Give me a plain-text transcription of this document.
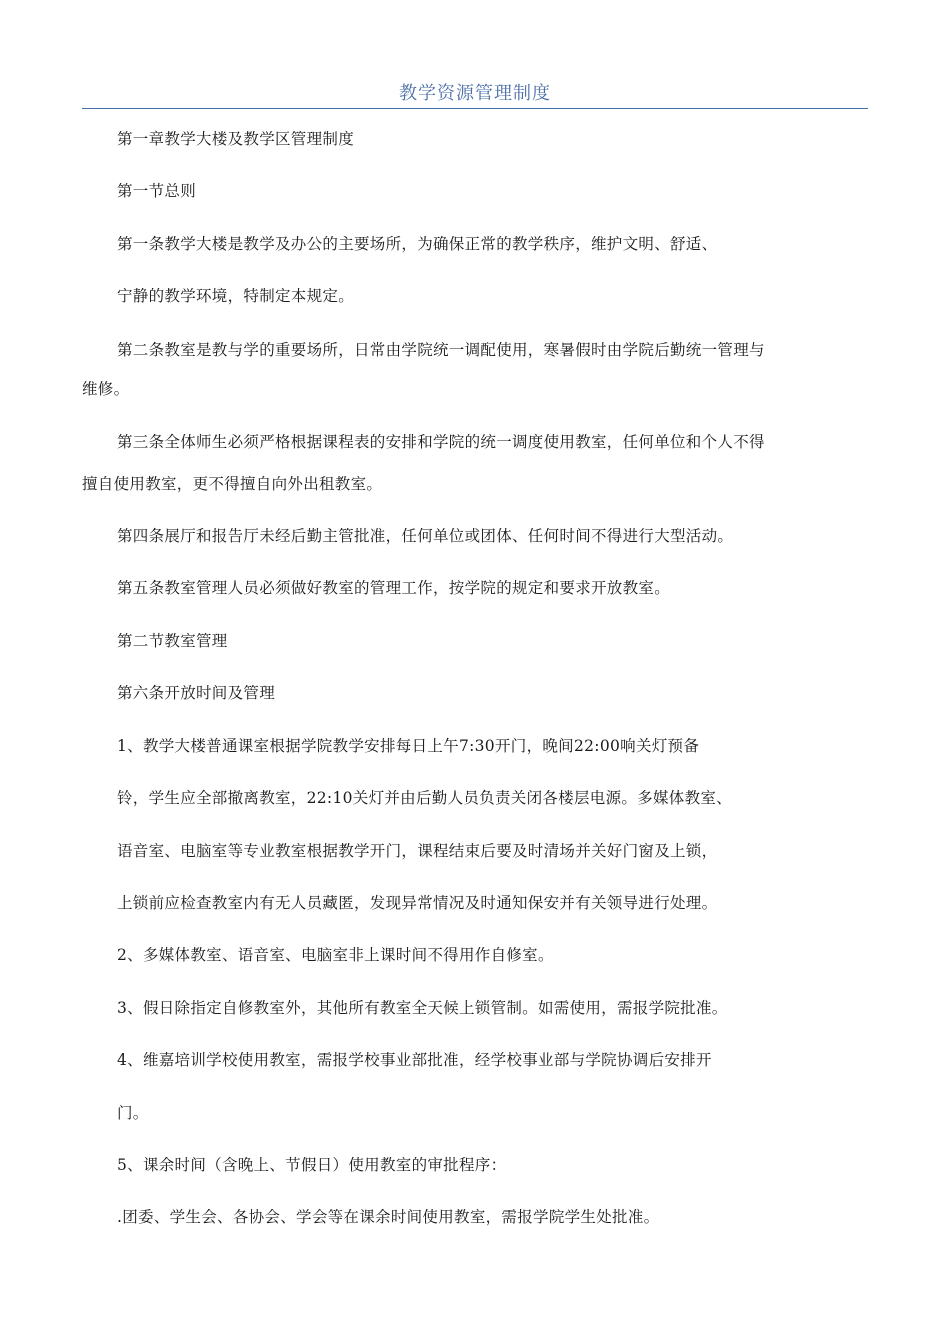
教学资源管理制度
第一章教学大楼及教学区管理制度
第一节总则
第一条教学大楼是教学及办公的主要场所，为确保正常的教学秩序，维护文明、舒适、
宁静的教学环境，特制定本规定。
第二条教室是教与学的重要场所，日常由学院统一调配使用，寒暑假时由学院后勤统一管理与
维修。
第三条全体师生必须严格根据课程表的安排和学院的统一调度使用教室，任何单位和个人不得
擅自使用教室，更不得擅自向外出租教室。
第四条展厅和报告厅未经后勤主管批准，任何单位或团体、任何时间不得进行大型活动。
第五条教室管理人员必须做好教室的管理工作，按学院的规定和要求开放教室。
第二节教室管理
第六条开放时间及管理
1、教学大楼普通课室根据学院教学安排每日上午7:30开门，晚间22:00响关灯预备
铃，学生应全部撤离教室，22:10关灯并由后勤人员负责关闭各楼层电源。多媒体教室、
语音室、电脑室等专业教室根据教学开门，课程结束后要及时清场并关好门窗及上锁，
上锁前应检查教室内有无人员藏匿，发现异常情况及时通知保安并有关领导进行处理。
2、多媒体教室、语音室、电脑室非上课时间不得用作自修室。
3、假日除指定自修教室外，其他所有教室全天候上锁管制。如需使用，需报学院批准。
4、维嘉培训学校使用教室，需报学校事业部批准，经学校事业部与学院协调后安排开
门。
5、课余时间（含晚上、节假日）使用教室的审批程序：
.团委、学生会、各协会、学会等在课余时间使用教室，需报学院学生处批准。
